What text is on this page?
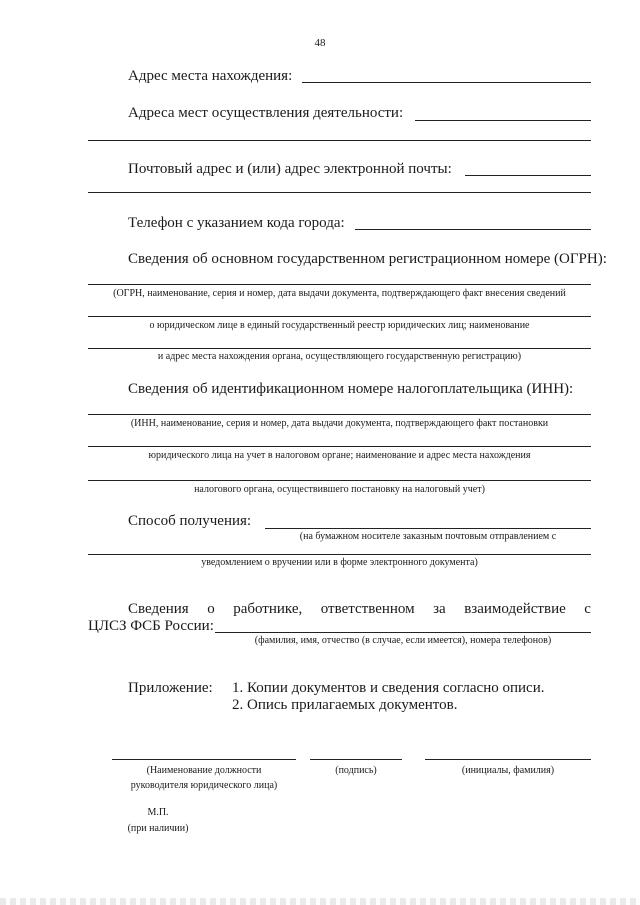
48
Адрес места нахождения:
Адреса мест осуществления деятельности:
Почтовый адрес и (или) адрес электронной почты:
Телефон с указанием кода города:
Сведения об основном государственном регистрационном номере (ОГРН):
(ОГРН, наименование, серия и номер, дата выдачи документа, подтверждающего факт внесения сведений
о юридическом лице в единый государственный реестр юридических лиц; наименование
и адрес места нахождения органа, осуществляющего государственную регистрацию)
Сведения об идентификационном номере налогоплательщика (ИНН):
(ИНН, наименование, серия и номер, дата выдачи документа, подтверждающего факт постановки
юридического лица на учет в налоговом органе; наименование и адрес места нахождения
налогового органа, осуществившего постановку на налоговый учет)
Способ получения:
(на бумажном носителе заказным почтовым отправлением с
уведомлением о вручении или в форме электронного документа)
Сведения о работнике, ответственном за взаимодействие с
ЦЛСЗ ФСБ России:
(фамилия, имя, отчество (в случае, если имеется), номера телефонов)
Приложение: 1. Копии документов и сведения согласно описи.
2. Опись прилагаемых документов.
(Наименование должности
руководителя юридического лица)
(подпись)	(инициалы, фамилия)
М.П.
(при наличии)
